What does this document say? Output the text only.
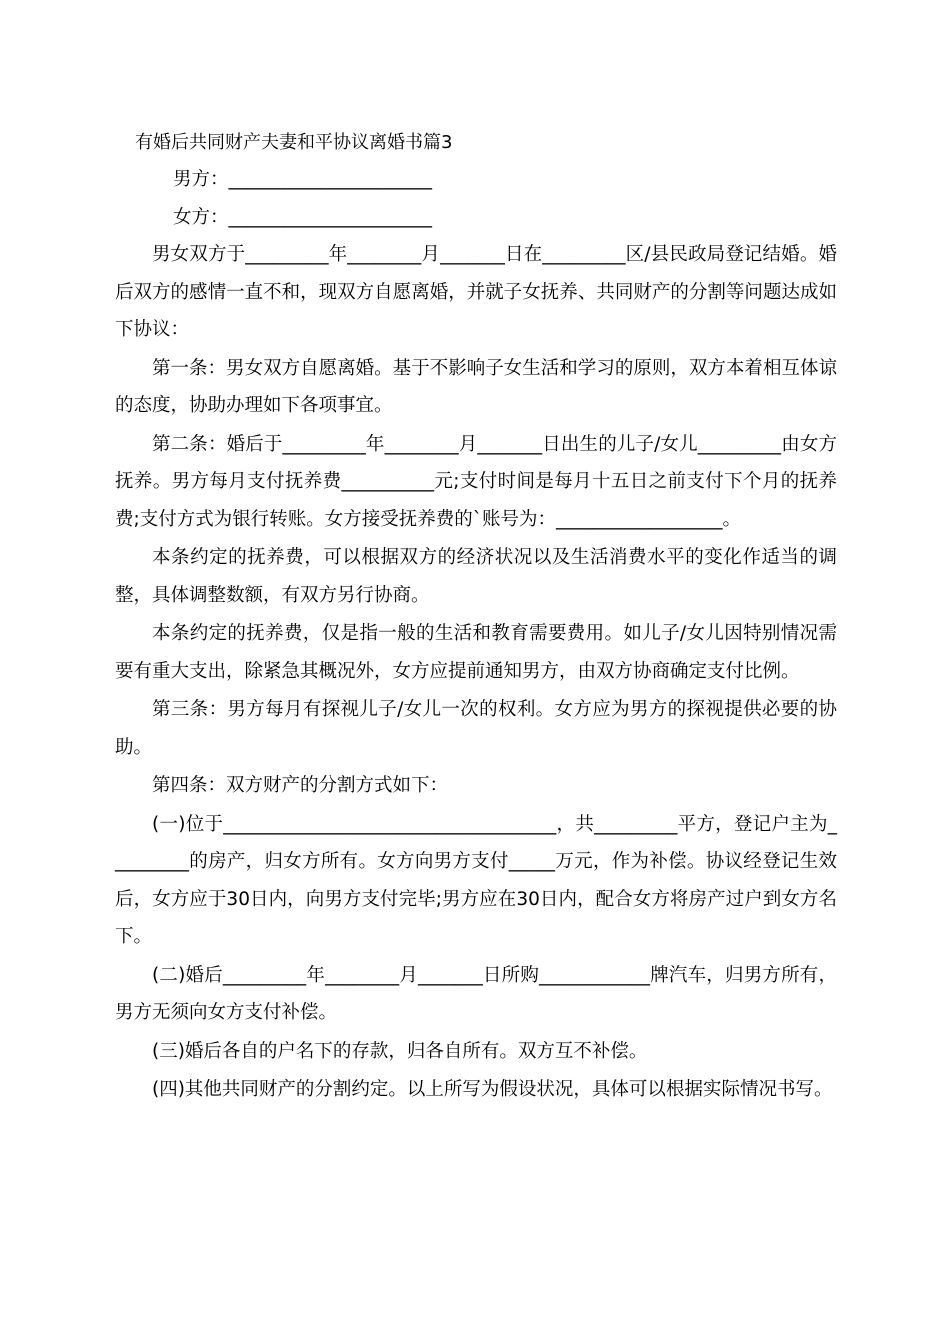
有婚后共同财产夫妻和平协议离婚书篇3
男方：______________________
女方：______________________

男女双方于_________年________月_______日在_________区/县民政局登记结婚。婚后双方的感情一直不和，现双方自愿离婚，并就子女抚养、共同财产的分割等问题达成如下协议：

第一条：男女双方自愿离婚。基于不影响子女生活和学习的原则，双方本着相互体谅的态度，协助办理如下各项事宜。

第二条：婚后于_________年________月_______日出生的儿子/女儿_________由女方抚养。男方每月支付抚养费__________元;支付时间是每月十五日之前支付下个月的抚养费;支付方式为银行转账。女方接受抚养费的`账号为：__________________。

本条约定的抚养费，可以根据双方的经济状况以及生活消费水平的变化作适当的调整，具体调整数额，有双方另行协商。

本条约定的抚养费，仅是指一般的生活和教育需要费用。如儿子/女儿因特别情况需要有重大支出，除紧急其概况外，女方应提前通知男方，由双方协商确定支付比例。

第三条：男方每月有探视儿子/女儿一次的权利。女方应为男方的探视提供必要的协助。

第四条：双方财产的分割方式如下：

(一)位于____________________________________，共_________平方，登记户主为_________的房产，归女方所有。女方向男方支付_____万元，作为补偿。协议经登记生效后，女方应于30日内，向男方支付完毕;男方应在30日内，配合女方将房产过户到女方名下。

(二)婚后_________年________月_______日所购____________牌汽车，归男方所有，男方无须向女方支付补偿。

(三)婚后各自的户名下的存款，归各自所有。双方互不补偿。

(四)其他共同财产的分割约定。以上所写为假设状况，具体可以根据实际情况书写。
